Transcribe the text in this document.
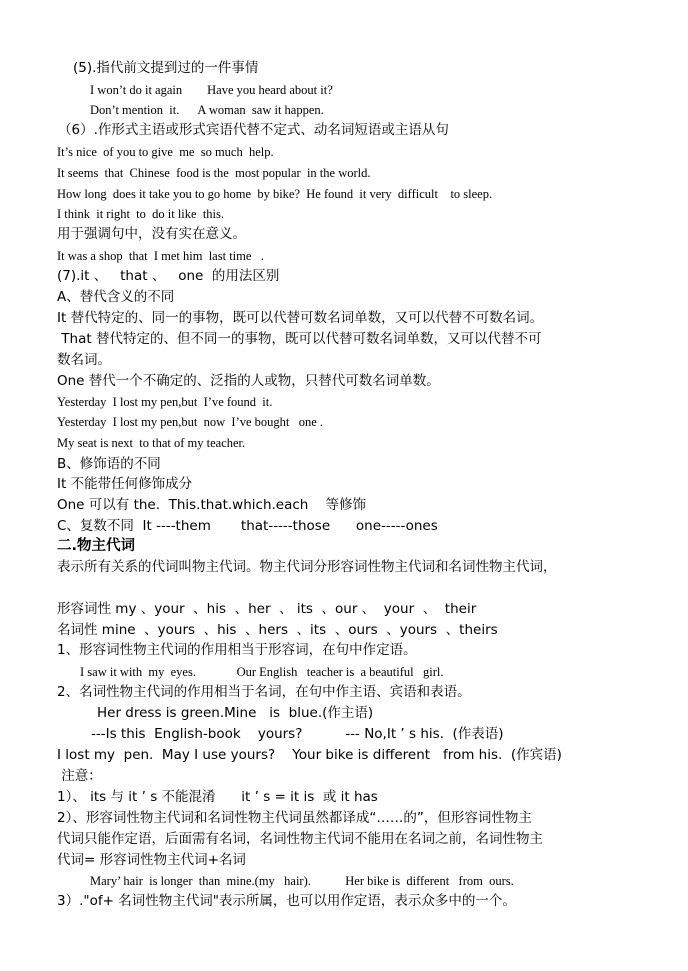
(5).指代前文提到过的一件事情
I won’t do it again        Have you heard about it?
Don’t mention  it.      A woman  saw it happen.
（6）.作形式主语或形式宾语代替不定式、动名词短语或主语从句
It’s nice  of you to give  me  so much  help.
It seems  that  Chinese  food is the  most popular  in the world.
How long  does it take you to go home  by bike?  He found  it very  difficult    to sleep.
I think  it right  to  do it like  this.
用于强调句中，没有实在意义。
It was a shop  that  I met him  last time   .
(7).it 、   that 、   one  的用法区别
A、替代含义的不同
It 替代特定的、同一的事物，既可以代替可数名词单数，又可以代替不可数名词。
That 替代特定的、但不同一的事物，既可以代替可数名词单数，又可以代替不可
数名词。
One 替代一个不确定的、泛指的人或物，只替代可数名词单数。
Yesterday  I lost my pen,but  I’ve found  it.
Yesterday  I lost my pen,but  now  I’ve bought   one .
My seat is next  to that of my teacher.
B、修饰语的不同
It 不能带任何修饰成分
One 可以有 the.  This.that.which.each    等修饰
C、复数不同  It ----them       that-----those      one-----ones
二.物主代词
表示所有关系的代词叫物主代词。物主代词分形容词性物主代词和名词性物主代词，
形容词性 my 、your  、his  、her  、 its  、our 、  your  、  their
名词性 mine  、yours  、his  、hers  、its  、ours  、yours  、theirs
1、形容词性物主代词的作用相当于形容词，在句中作定语。
I saw it with  my  eyes.             Our English   teacher is  a beautiful   girl.
2、名词性物主代词的作用相当于名词，在句中作主语、宾语和表语。
Her dress is green.Mine   is  blue.(作主语)
---Is this  English-book    yours?          --- No,It ’ s his.  (作表语)
I lost my  pen.  May I use yours?    Your bike is different   from his.  (作宾语)
注意：
1）、 its 与 it ’ s 不能混淆      it ’ s = it is  或 it has
2）、形容词性物主代词和名词性物主代词虽然都译成“……的”，但形容词性物主
代词只能作定语，后面需有名词，名词性物主代词不能用在名词之前，名词性物主
代词= 形容词性物主代词+名词
Mary’ hair  is longer  than  mine.(my   hair).           Her bike is  different   from  ours.
3）."of+ 名词性物主代词"表示所属，也可以用作定语，表示众多中的一个。
